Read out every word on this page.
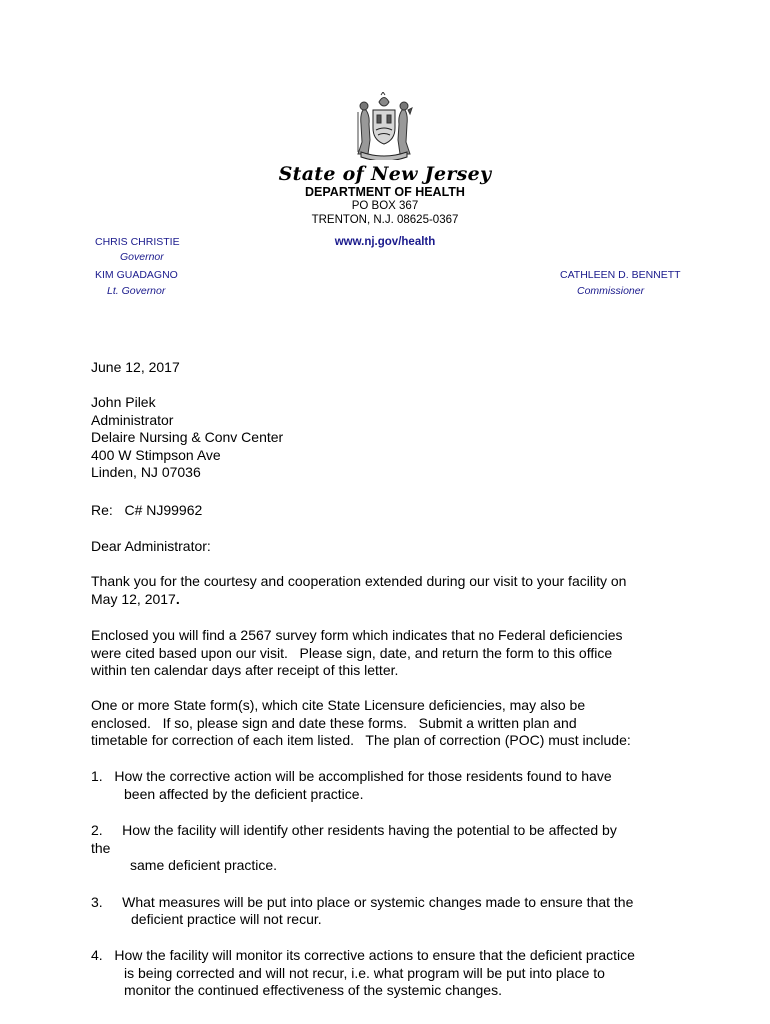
State of New Jersey
DEPARTMENT OF HEALTH
PO BOX 367
TRENTON, N.J. 08625-0367
www.nj.gov/health
CHRIS CHRISTIE
Governor
KIM GUADAGNO
Lt. Governor
CATHLEEN D. BENNETT
Commissioner
June 12, 2017
John Pilek
Administrator
Delaire Nursing & Conv Center
400 W Stimpson Ave
Linden, NJ 07036
Re:   C# NJ99962
Dear Administrator:
Thank you for the courtesy and cooperation extended during our visit to your facility on
May 12, 2017.
Enclosed you will find a 2567 survey form which indicates that no Federal deficiencies
were cited based upon our visit.   Please sign, date, and return the form to this office
within ten calendar days after receipt of this letter.
One or more State form(s), which cite State Licensure deficiencies, may also be
enclosed.   If so, please sign and date these forms.   Submit a written plan and
timetable for correction of each item listed.   The plan of correction (POC) must include:
1.   How the corrective action will be accomplished for those residents found to have
been affected by the deficient practice.
2.     How the facility will identify other residents having the potential to be affected by
the
same deficient practice.
3.     What measures will be put into place or systemic changes made to ensure that the
deficient practice will not recur.
4.   How the facility will monitor its corrective actions to ensure that the deficient practice
is being corrected and will not recur, i.e. what program will be put into place to
monitor the continued effectiveness of the systemic changes.
